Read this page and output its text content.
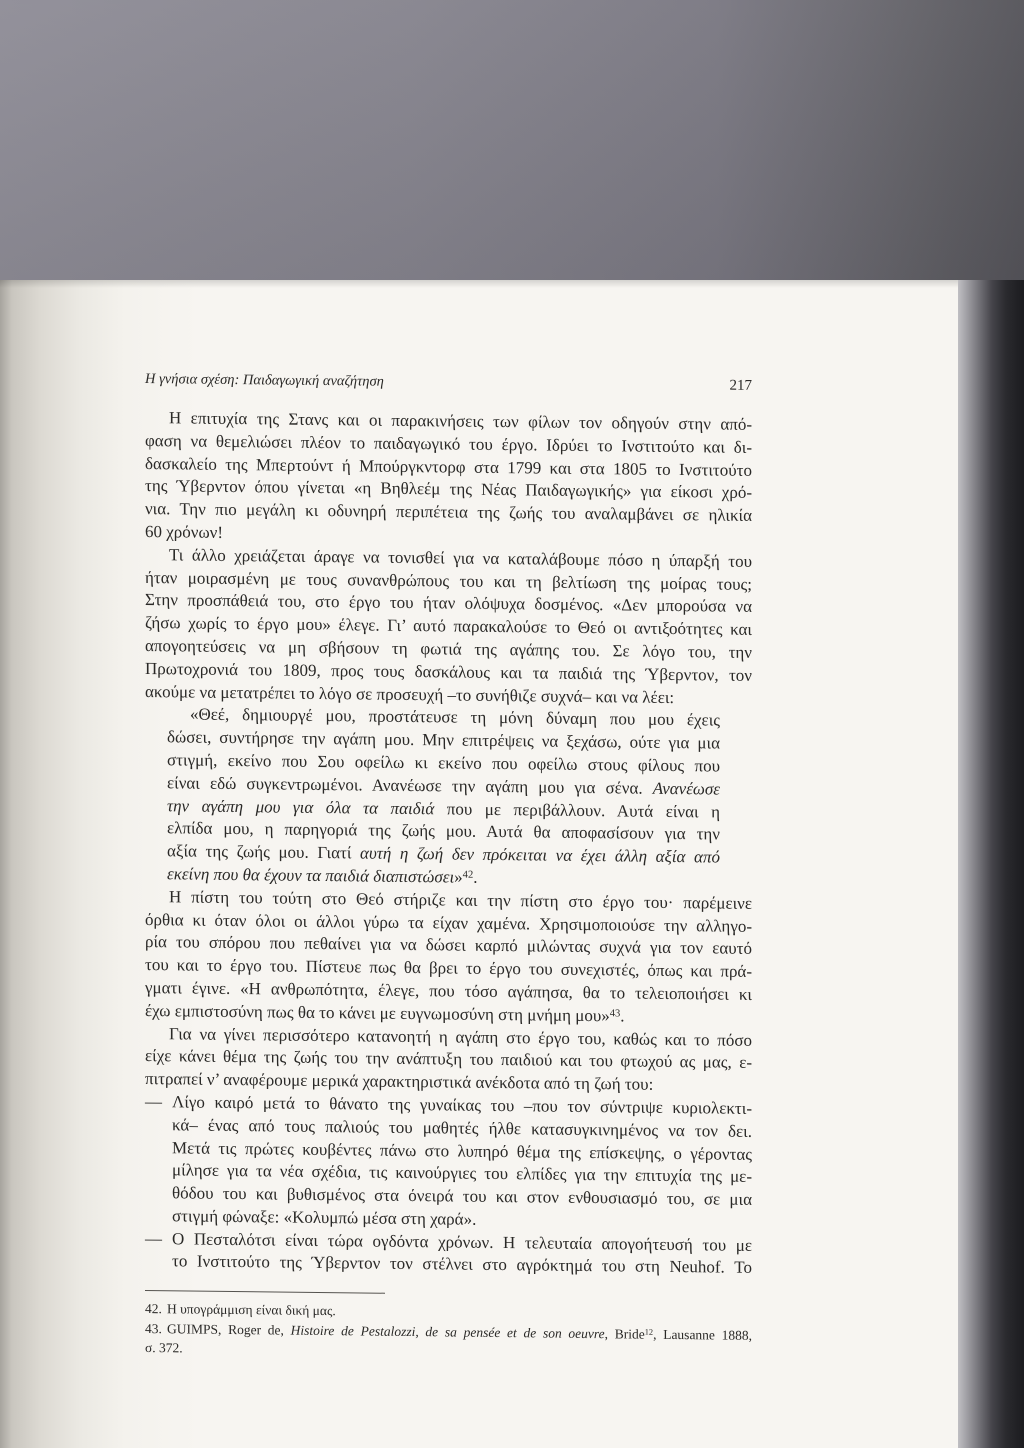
Η γνήσια σχέση: Παιδαγωγική αναζήτηση	217
Η επιτυχία της Στανς και οι παρακινήσεις των φίλων τον οδηγούν στην από-
φαση να θεμελιώσει πλέον το παιδαγωγικό του έργο. Ιδρύει το Ινστιτούτο και δι-
δασκαλείο της Μπερτούντ ή Μπούργκντορφ στα 1799 και στα 1805 το Ινστιτούτο
της Ύβερντον όπου γίνεται «η Βηθλεέμ της Νέας Παιδαγωγικής» για είκοσι χρό-
νια. Την πιο μεγάλη κι οδυνηρή περιπέτεια της ζωής του αναλαμβάνει σε ηλικία
60 χρόνων!
Τι άλλο χρειάζεται άραγε να τονισθεί για να καταλάβουμε πόσο η ύπαρξή του
ήταν μοιρασμένη με τους συνανθρώπους του και τη βελτίωση της μοίρας τους;
Στην προσπάθειά του, στο έργο του ήταν ολόψυχα δοσμένος. «Δεν μπορούσα να
ζήσω χωρίς το έργο μου» έλεγε. Γι’ αυτό παρακαλούσε το Θεό οι αντιξοότητες και
απογοητεύσεις να μη σβήσουν τη φωτιά της αγάπης του. Σε λόγο του, την
Πρωτοχρονιά του 1809, προς τους δασκάλους και τα παιδιά της Ύβερντον, τον
ακούμε να μετατρέπει το λόγο σε προσευχή –το συνήθιζε συχνά– και να λέει:
«Θεέ, δημιουργέ μου, προστάτευσε τη μόνη δύναμη που μου έχεις
δώσει, συντήρησε την αγάπη μου. Μην επιτρέψεις να ξεχάσω, ούτε για μια
στιγμή, εκείνο που Σου οφείλω κι εκείνο που οφείλω στους φίλους που
είναι εδώ συγκεντρωμένοι. Ανανέωσε την αγάπη μου για σένα. Ανανέωσε
την αγάπη μου για όλα τα παιδιά που με περιβάλλουν. Αυτά είναι η
ελπίδα μου, η παρηγοριά της ζωής μου. Αυτά θα αποφασίσουν για την
αξία της ζωής μου. Γιατί αυτή η ζωή δεν πρόκειται να έχει άλλη αξία από
εκείνη που θα έχουν τα παιδιά διαπιστώσει»$^{42}$.
Η πίστη του τούτη στο Θεό στήριζε και την πίστη στο έργο του· παρέμεινε
όρθια κι όταν όλοι οι άλλοι γύρω τα είχαν χαμένα. Χρησιμοποιούσε την αλληγο-
ρία του σπόρου που πεθαίνει για να δώσει καρπό μιλώντας συχνά για τον εαυτό
του και το έργο του. Πίστευε πως θα βρει το έργο του συνεχιστές, όπως και πρά-
γματι έγινε. «Η ανθρωπότητα, έλεγε, που τόσο αγάπησα, θα το τελειοποιήσει κι
έχω εμπιστοσύνη πως θα το κάνει με ευγνωμοσύνη στη μνήμη μου»$^{43}$.
Για να γίνει περισσότερο κατανοητή η αγάπη στο έργο του, καθώς και το πόσο
είχε κάνει θέμα της ζωής του την ανάπτυξη του παιδιού και του φτωχού ας μας, ε-
πιτραπεί ν’ αναφέρουμε μερικά χαρακτηριστικά ανέκδοτα από τη ζωή του:
— Λίγο καιρό μετά το θάνατο της γυναίκας του –που τον σύντριψε κυριολεκτι-
κά– ένας από τους παλιούς του μαθητές ήλθε κατασυγκινημένος να τον δει.
Μετά τις πρώτες κουβέντες πάνω στο λυπηρό θέμα της επίσκεψης, ο γέροντας
μίλησε για τα νέα σχέδια, τις καινούργιες του ελπίδες για την επιτυχία της με-
θόδου του και βυθισμένος στα όνειρά του και στον ενθουσιασμό του, σε μια
στιγμή φώναξε: «Κολυμπώ μέσα στη χαρά».
— Ο Πεσταλότσι είναι τώρα ογδόντα χρόνων. Η τελευταία απογοήτευσή του με
το Ινστιτούτο της Ύβερντον τον στέλνει στο αγρόκτημά του στη Neuhof. Το
42. Η υπογράμμιση είναι δική μας.
43. GUIMPS, Roger de, Histoire de Pestalozzi, de sa pensée et de son oeuvre, Bride$^{12}$, Lausanne 1888,
σ. 372.
